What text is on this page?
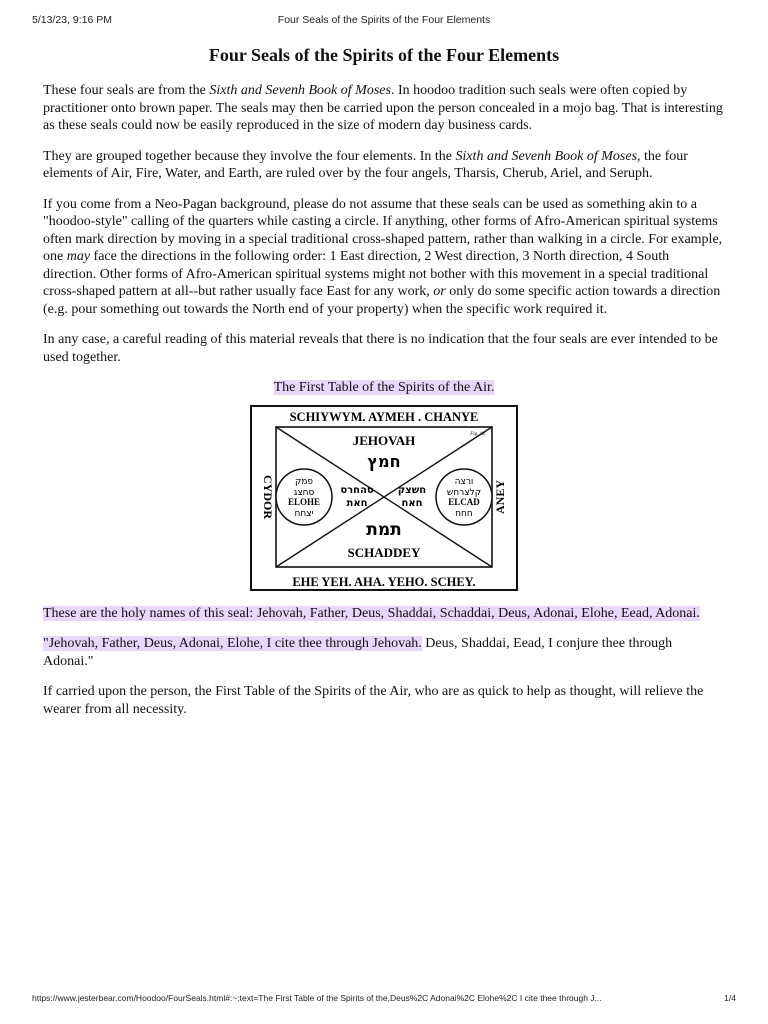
5/13/23, 9:16 PM	Four Seals of the Spirits of the Four Elements
Four Seals of the Spirits of the Four Elements

These four seals are from the Sixth and Sevenh Book of Moses. In hoodoo tradition such seals were often copied by practitioner onto brown paper. The seals may then be carried upon the person concealed in a mojo bag. That is interesting as these seals could now be easily reproduced in the size of modern day business cards.

They are grouped together because they involve the four elements. In the Sixth and Sevenh Book of Moses, the four elements of Air, Fire, Water, and Earth, are ruled over by the four angels, Tharsis, Cherub, Ariel, and Seruph.

If you come from a Neo-Pagan background, please do not assume that these seals can be used as something akin to a "hoodoo-style" calling of the quarters while casting a circle. If anything, other forms of Afro-American spiritual systems often mark direction by moving in a special traditional cross-shaped pattern, rather than walking in a circle. For example, one may face the directions in the following order: 1 East direction, 2 West direction, 3 North direction, 4 South direction. Other forms of Afro-American spiritual systems might not bother with this movement in a special traditional cross-shaped pattern at all--but rather usually face East for any work, or only do some specific action towards a direction (e.g. pour something out towards the North end of your property) when the specific work required it.

In any case, a careful reading of this material reveals that there is no indication that the four seals are ever intended to be used together.

The First Table of the Spirits of the Air.

SCHIYWYM. AYMEH . CHANYE
EHE YEH. AHA. YEHO. SCHEY.
CYDOR	ANEY
JEHOVAH
חמץ
Fig. 10.
תמת
SCHADDEY
פמק
סחצג
ELOHE
יצחח
ורצה
קלצרחש
ELCAD
חחח
סהחרס
חאת
חשצק
חאח

These are the holy names of this seal: Jehovah, Father, Deus, Shaddai, Schaddai, Deus, Adonai, Elohe, Eead, Adonai.

"Jehovah, Father, Deus, Adonai, Elohe, I cite thee through Jehovah. Deus, Shaddai, Eead, I conjure thee through Adonai."

If carried upon the person, the First Table of the Spirits of the Air, who are as quick to help as thought, will relieve the wearer from all necessity.

https://www.jesterbear.com/Hoodoo/FourSeals.html#:~:text=The First Table of the Spirits of the,Deus%2C Adonai%2C Elohe%2C I cite thee through J...	1/4
